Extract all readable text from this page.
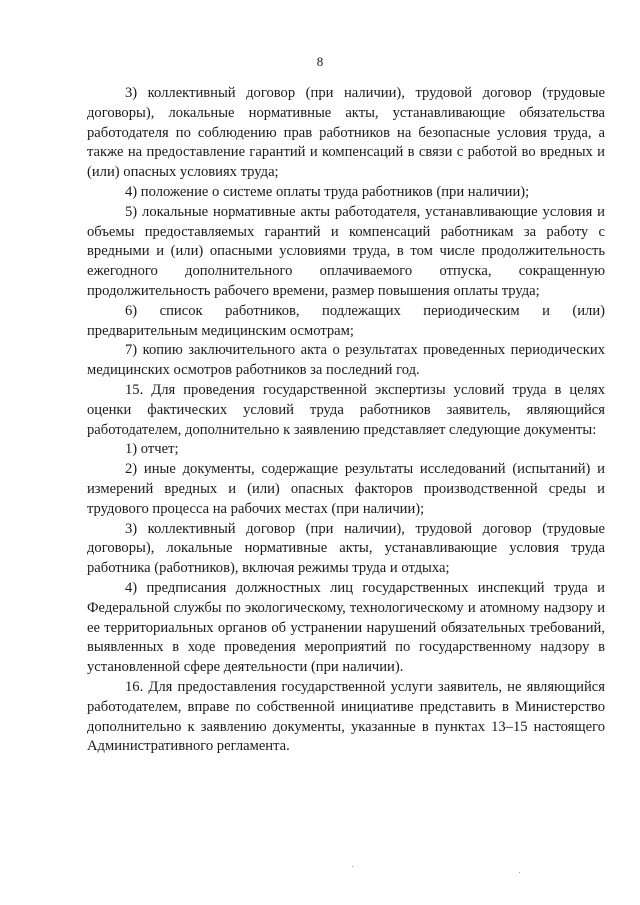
8

3) коллективный договор (при наличии), трудовой договор (трудовые договоры), локальные нормативные акты, устанавливающие обязательства работодателя по соблюдению прав работников на безопасные условия труда, а также на предоставление гарантий и компенсаций в связи с работой во вредных и (или) опасных условиях труда;

4) положение о системе оплаты труда работников (при наличии);

5) локальные нормативные акты работодателя, устанавливающие условия и объемы предоставляемых гарантий и компенсаций работникам за работу с вредными и (или) опасными условиями труда, в том числе продолжительность ежегодного дополнительного оплачиваемого отпуска, сокращенную продолжительность рабочего времени, размер повышения оплаты труда;

6) список работников, подлежащих периодическим и (или) предварительным медицинским осмотрам;

7) копию заключительного акта о результатах проведенных периодических медицинских осмотров работников за последний год.

15. Для проведения государственной экспертизы условий труда в целях оценки фактических условий труда работников заявитель, являющийся работодателем, дополнительно к заявлению представляет следующие документы:

1) отчет;

2) иные документы, содержащие результаты исследований (испытаний) и измерений вредных и (или) опасных факторов производственной среды и трудового процесса на рабочих местах (при наличии);

3) коллективный договор (при наличии), трудовой договор (трудовые договоры), локальные нормативные акты, устанавливающие условия труда работника (работников), включая режимы труда и отдыха;

4) предписания должностных лиц государственных инспекций труда и Федеральной службы по экологическому, технологическому и атомному надзору и ее территориальных органов об устранении нарушений обязательных требований, выявленных в ходе проведения мероприятий по государственному надзору в установленной сфере деятельности (при наличии).

16. Для предоставления государственной услуги заявитель, не являющийся работодателем, вправе по собственной инициативе представить в Министерство дополнительно к заявлению документы, указанные в пунктах 13–15 настоящего Административного регламента.
